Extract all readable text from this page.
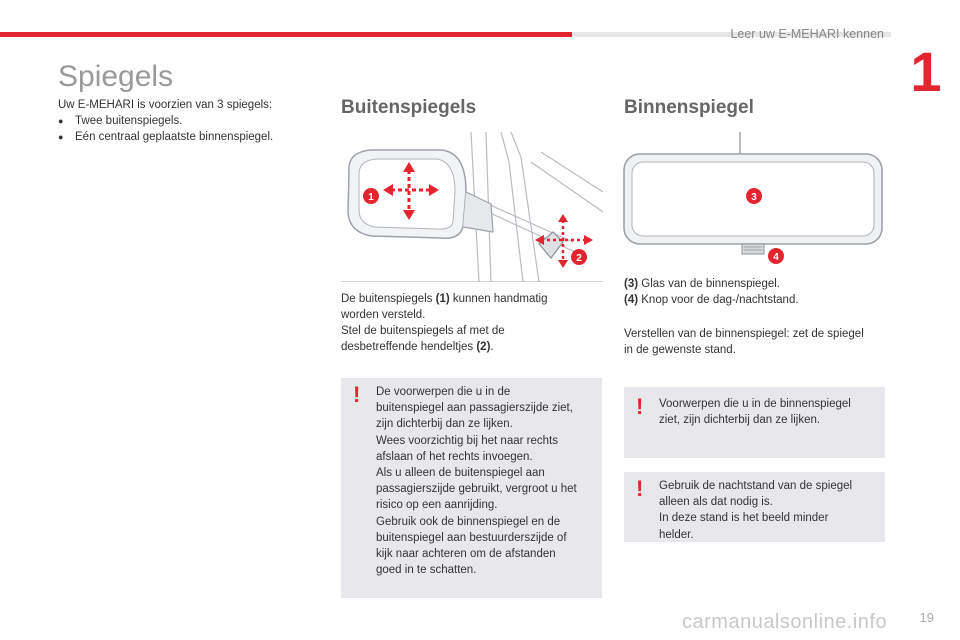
Leer uw E-MEHARI kennen
1
Spiegels
Uw E-MEHARI is voorzien van 3 spiegels:
● Twee buitenspiegels.
● Eén centraal geplaatste binnenspiegel.
Buitenspiegels
1
2

De buitenspiegels (1) kunnen handmatig

worden versteld.

Stel de buitenspiegels af met de

desbetreffende hendeltjes (2).

! De voorwerpen die u in de

buitenspiegel aan passagierszijde ziet,

zijn dichterbij dan ze lijken.

Wees voorzichtig bij het naar rechts

afslaan of het rechts invoegen.

Als u alleen de buitenspiegel aan

passagierszijde gebruikt, vergroot u het

risico op een aanrijding.

Gebruik ook de binnenspiegel en de

buitenspiegel aan bestuurderszijde of

kijk naar achteren om de afstanden

goed in te schatten.

Binnenspiegel
3
4

(3) Glas van de binnenspiegel.

(4) Knop voor de dag-/nachtstand.

Verstellen van de binnenspiegel: zet de spiegel

in de gewenste stand.

! Voorwerpen die u in de binnenspiegel

ziet, zijn dichterbij dan ze lijken.

! Gebruik de nachtstand van de spiegel

alleen als dat nodig is.

In deze stand is het beeld minder

helder.

carmanualsonline.info 19
